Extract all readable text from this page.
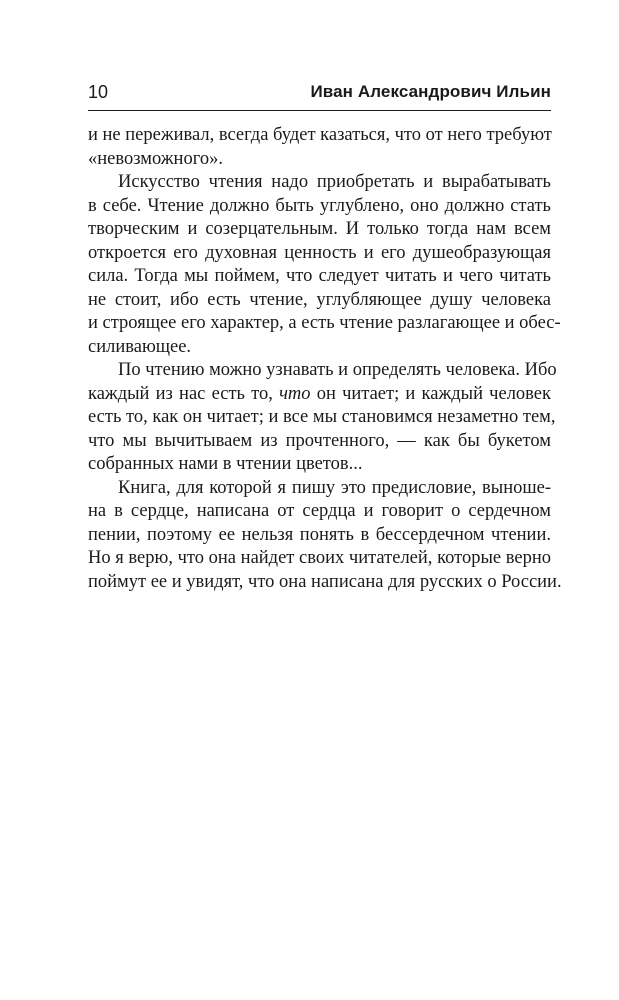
10	Иван Александрович Ильин
и не переживал, всегда будет казаться, что от него требуют
«невозможного».
Искусство чтения надо приобретать и вырабатывать
в себе. Чтение должно быть углублено, оно должно стать
творческим и созерцательным. И только тогда нам всем
откроется его духовная ценность и его душеобразующая
сила. Тогда мы поймем, что следует читать и чего читать
не стоит, ибо есть чтение, углубляющее душу человека
и строящее его характер, а есть чтение разлагающее и обес-
силивающее.
По чтению можно узнавать и определять человека. Ибо
каждый из нас есть то, что он читает; и каждый человек
есть то, как он читает; и все мы становимся незаметно тем,
что мы вычитываем из прочтенного, — как бы букетом
собранных нами в чтении цветов...
Книга, для которой я пишу это предисловие, выноше-
на в сердце, написана от сердца и говорит о сердечном
пении, поэтому ее нельзя понять в бессердечном чтении.
Но я верю, что она найдет своих читателей, которые верно
поймут ее и увидят, что она написана для русских о России.
